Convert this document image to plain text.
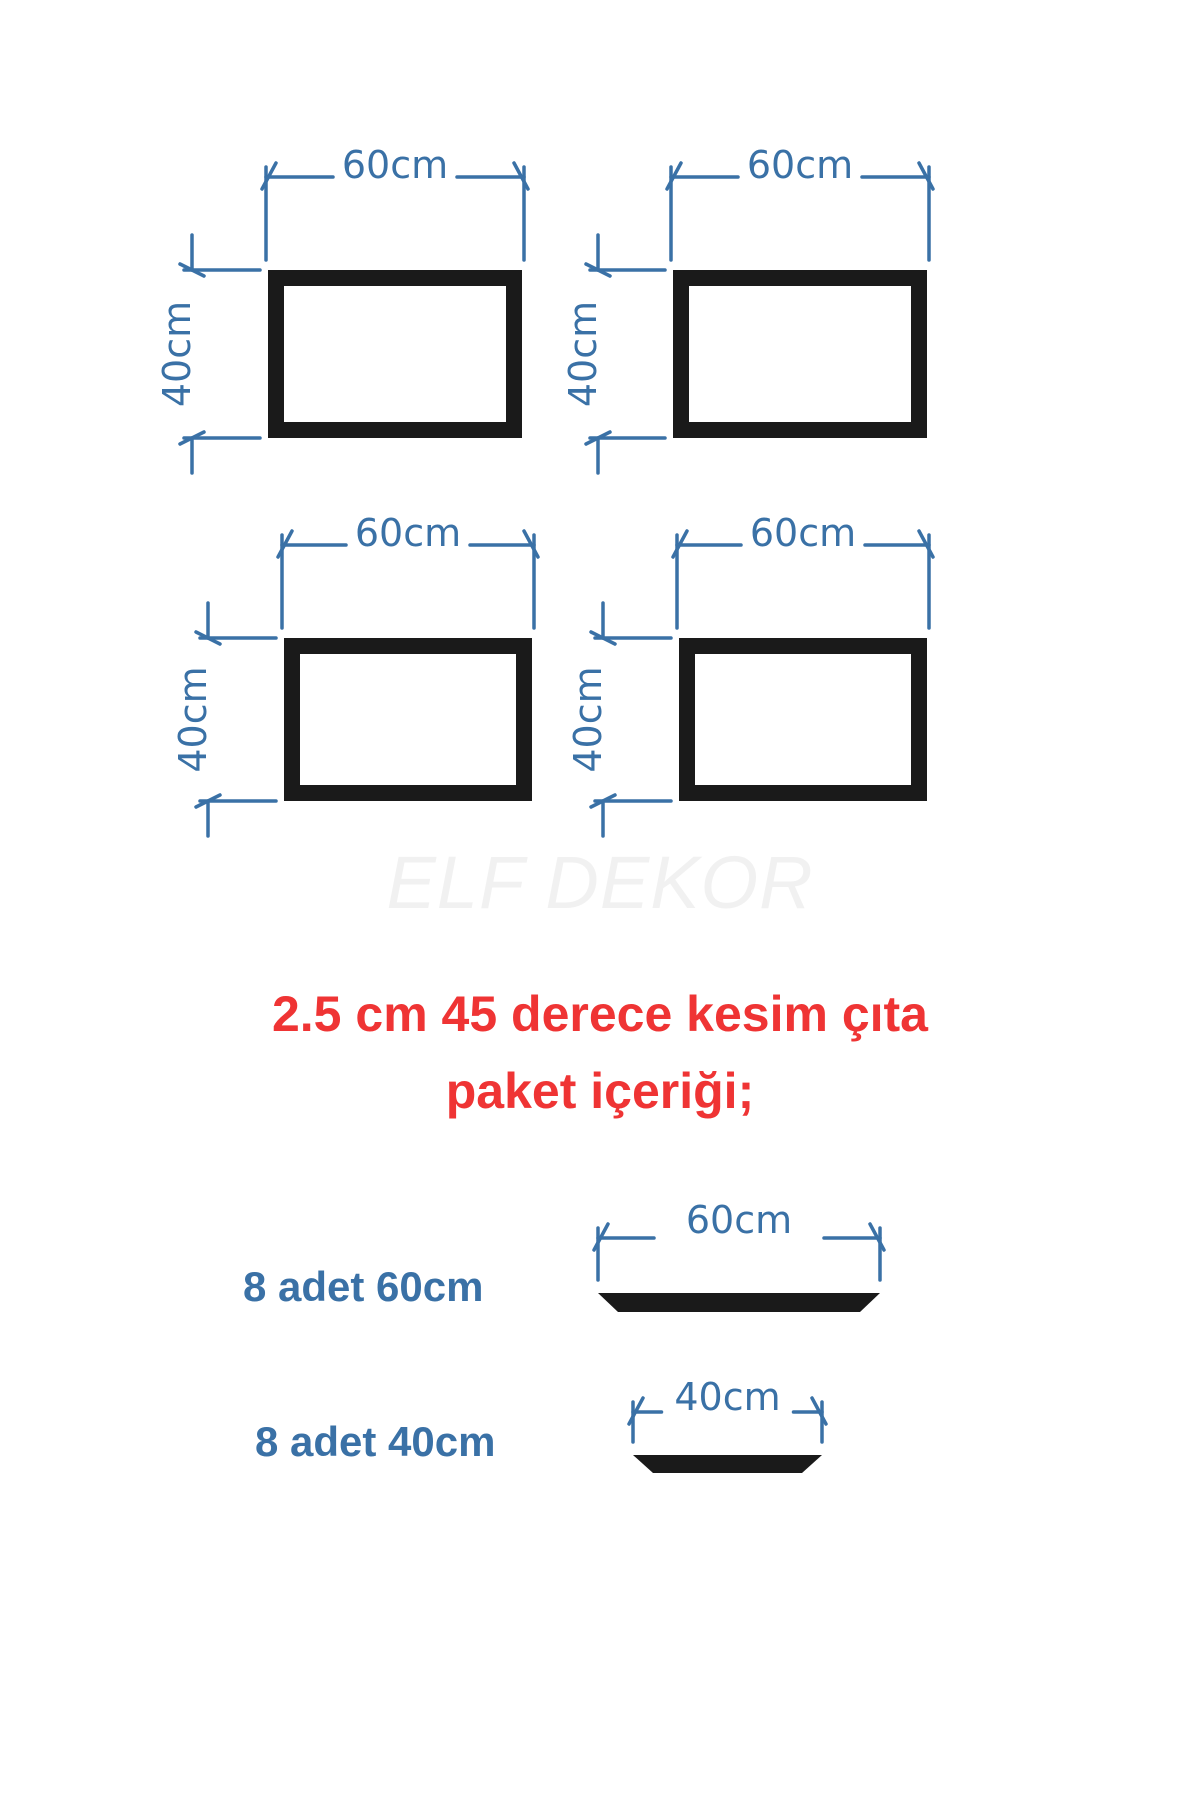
60cm
40cm
60cm
40cm
60cm
40cm
60cm
40cm
60cm
40cm
ELF DEKOR
2.5 cm 45 derece kesim çıta
paket içeriği;
8 adet 60cm
8 adet 40cm
